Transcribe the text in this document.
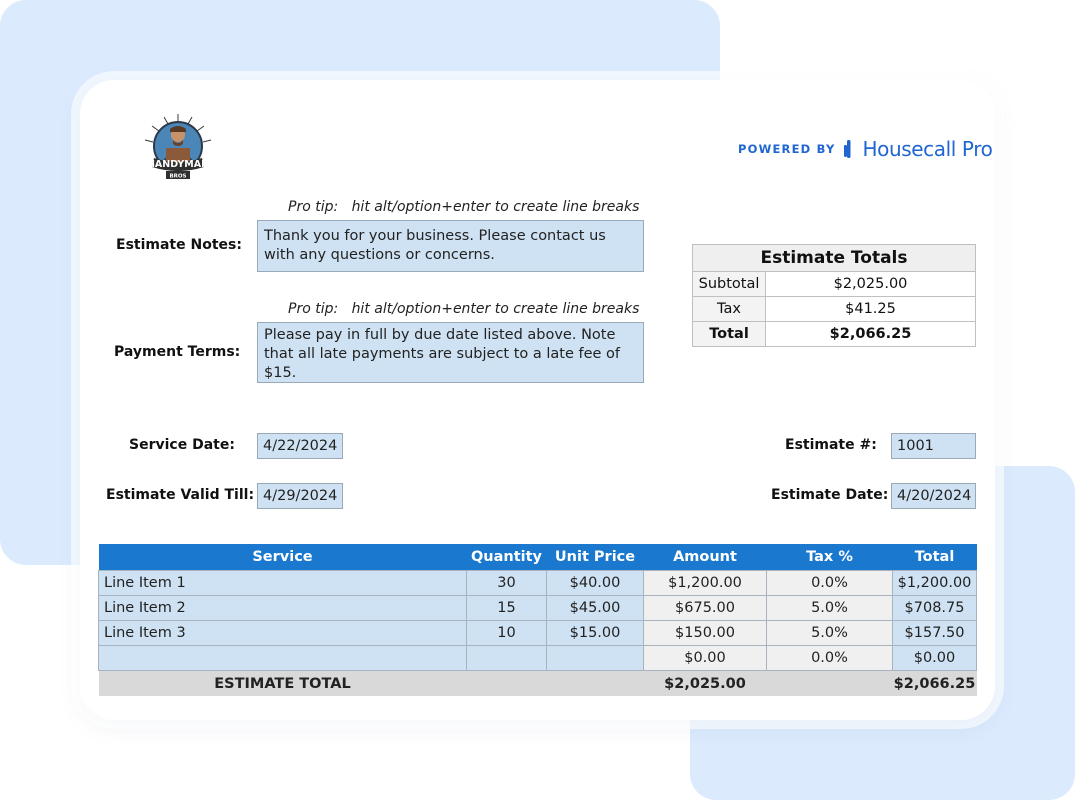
HANDYMAN
BROS
POWERED BY Housecall Pro
Pro tip: hit alt/option+enter to create line breaks
Estimate Notes:
Thank you for your business. Please contact us with any questions or concerns.
Pro tip: hit alt/option+enter to create line breaks
Payment Terms:
Please pay in full by due date listed above. Note that all late payments are subject to a late fee of $15.
Estimate Totals	
Subtotal	$2,025.00
Tax	$41.25
Total	$2,066.25
Service Date:	4/22/2024
Estimate Valid Till: 4/29/2024
Estimate #:	1001
Estimate Date: 4/20/2024
Service	Quantity	Unit Price	Amount	Tax %	Total
Line Item 1	30	$40.00	$1,200.00	0.0%	$1,200.00
Line Item 2	15	$45.00	$675.00	5.0%	$708.75
Line Item 3	10	$15.00	$150.00	5.0%	$157.50
			$0.00	0.0%	$0.00
ESTIMATE TOTAL			$2,025.00		$2,066.25
